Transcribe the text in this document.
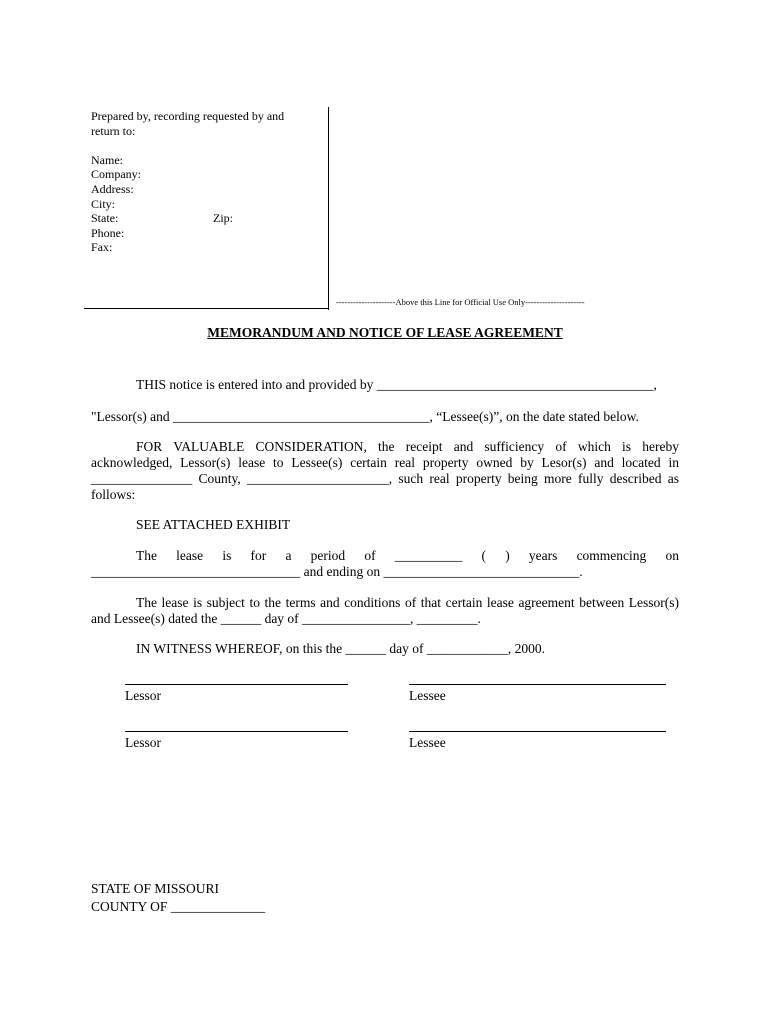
Prepared by, recording requested by and
return to:
Name:
Company:
Address:
City:
State:	Zip:
Phone:
Fax:
---------------------Above this Line for Official Use Only---------------------
MEMORANDUM AND NOTICE OF LEASE AGREEMENT
THIS notice is entered into and provided by _________________________________________,
"Lessor(s) and ______________________________________, “Lessee(s)”, on the date stated below.
FOR VALUABLE CONSIDERATION, the receipt and sufficiency of which is hereby
acknowledged, Lessor(s) lease to Lessee(s) certain real property owned by Lesor(s) and located in
_______________ County, _____________________, such real property being more fully described as
follows:
SEE ATTACHED EXHIBIT
The lease is for a period of __________ ( ) years commencing on
_______________________________ and ending on _____________________________.
The lease is subject to the terms and conditions of that certain lease agreement between Lessor(s)
and Lessee(s) dated the ______ day of ________________, _________.
IN WITNESS WHEREOF, on this the ______ day of ____________, 2000.
Lessor	Lessee
Lessor	Lessee
STATE OF MISSOURI
COUNTY OF ______________
